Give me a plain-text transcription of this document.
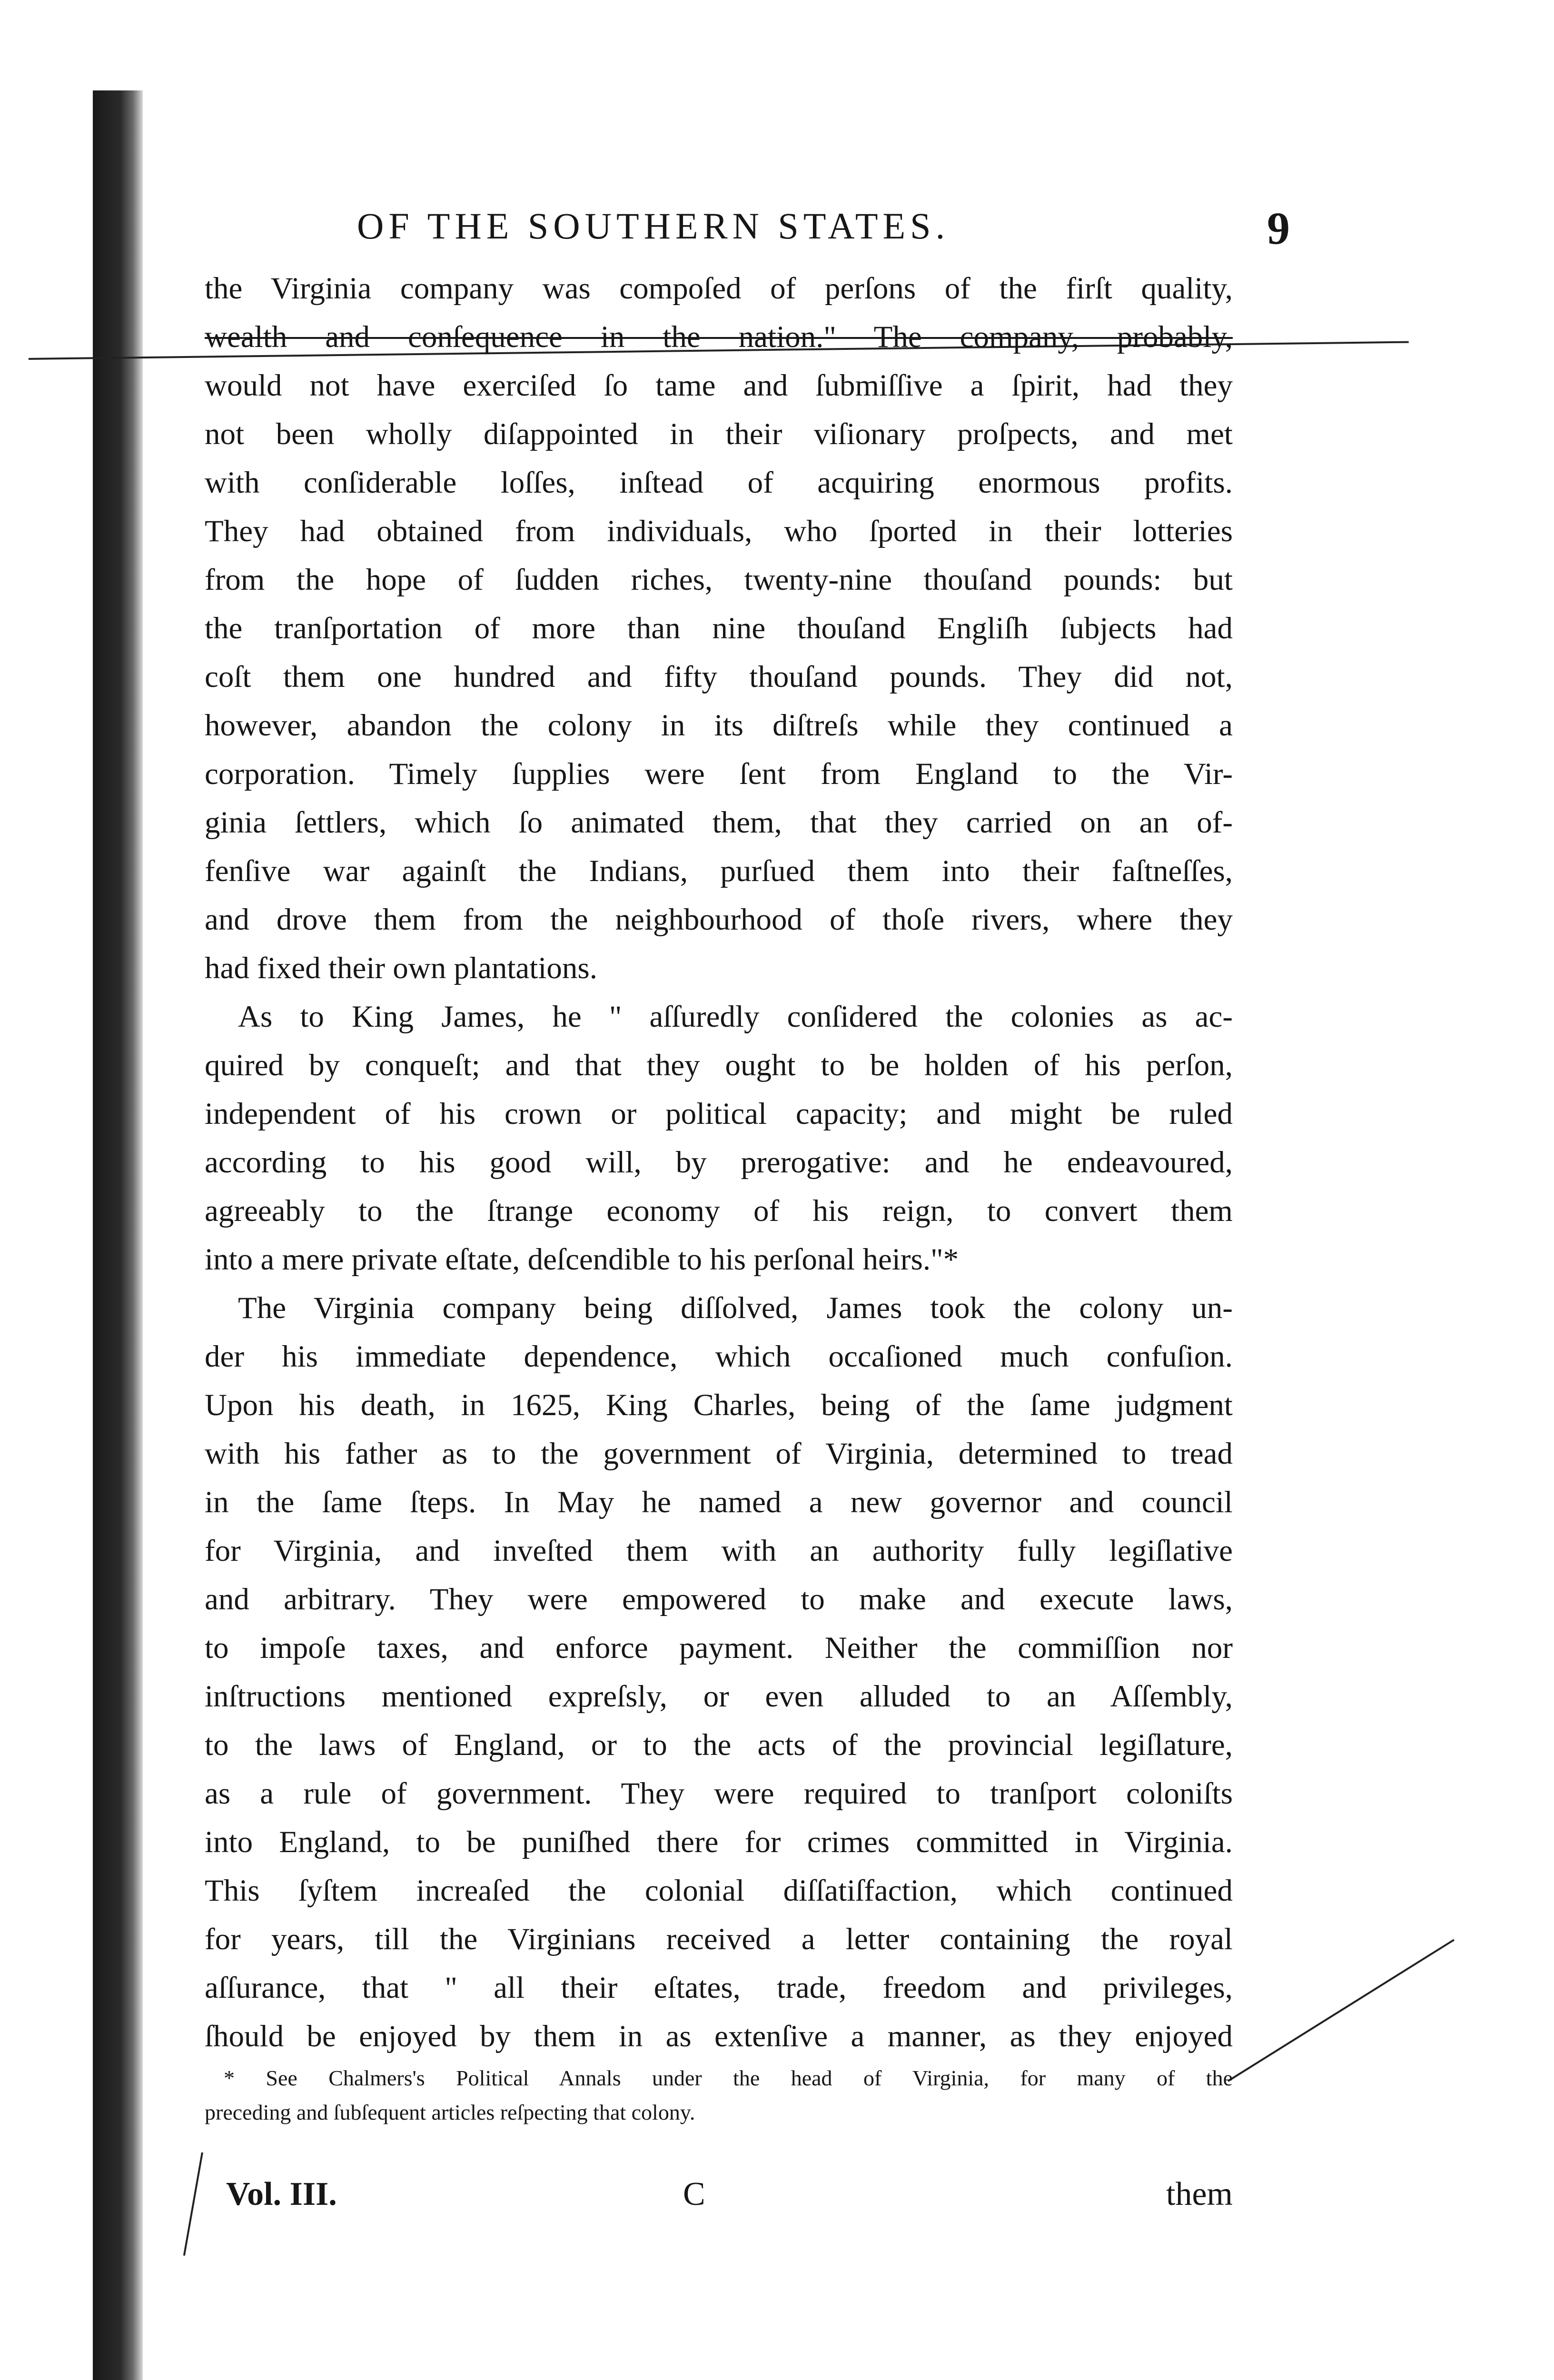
OF THE SOUTHERN STATES.	9
the Virginia company was compoſed of perſons of the firſt quality,
wealth and conſequence in the nation." The company, probably,
would not have exerciſed ſo tame and ſubmiſſive a ſpirit, had they
not been wholly diſappointed in their viſionary proſpects, and met
with conſiderable loſſes, inſtead of acquiring enormous profits.
They had obtained from individuals, who ſported in their lotteries
from the hope of ſudden riches, twenty-nine thouſand pounds: but
the tranſportation of more than nine thouſand Engliſh ſubjects had
coſt them one hundred and fifty thouſand pounds. They did not,
however, abandon the colony in its diſtreſs while they continued a
corporation. Timely ſupplies were ſent from England to the Vir-
ginia ſettlers, which ſo animated them, that they carried on an of-
fenſive war againſt the Indians, purſued them into their faſtneſſes,
and drove them from the neighbourhood of thoſe rivers, where they
had fixed their own plantations.
As to King James, he " aſſuredly conſidered the colonies as ac-
quired by conqueſt; and that they ought to be holden of his perſon,
independent of his crown or political capacity; and might be ruled
according to his good will, by prerogative: and he endeavoured,
agreeably to the ſtrange economy of his reign, to convert them
into a mere private eſtate, deſcendible to his perſonal heirs."*
The Virginia company being diſſolved, James took the colony un-
der his immediate dependence, which occaſioned much confuſion.
Upon his death, in 1625, King Charles, being of the ſame judgment
with his father as to the government of Virginia, determined to tread
in the ſame ſteps. In May he named a new governor and council
for Virginia, and inveſted them with an authority fully legiſlative
and arbitrary. They were empowered to make and execute laws,
to impoſe taxes, and enforce payment. Neither the commiſſion nor
inſtructions mentioned expreſsly, or even alluded to an Aſſembly,
to the laws of England, or to the acts of the provincial legiſlature,
as a rule of government. They were required to tranſport coloniſts
into England, to be puniſhed there for crimes committed in Virginia.
This ſyſtem increaſed the colonial diſſatiſfaction, which continued
for years, till the Virginians received a letter containing the royal
aſſurance, that " all their eſtates, trade, freedom and privileges,
ſhould be enjoyed by them in as extenſive a manner, as they enjoyed
* See Chalmers's Political Annals under the head of Virginia, for many of the
preceding and ſubſequent articles reſpecting that colony.
Vol. III.	C	them
